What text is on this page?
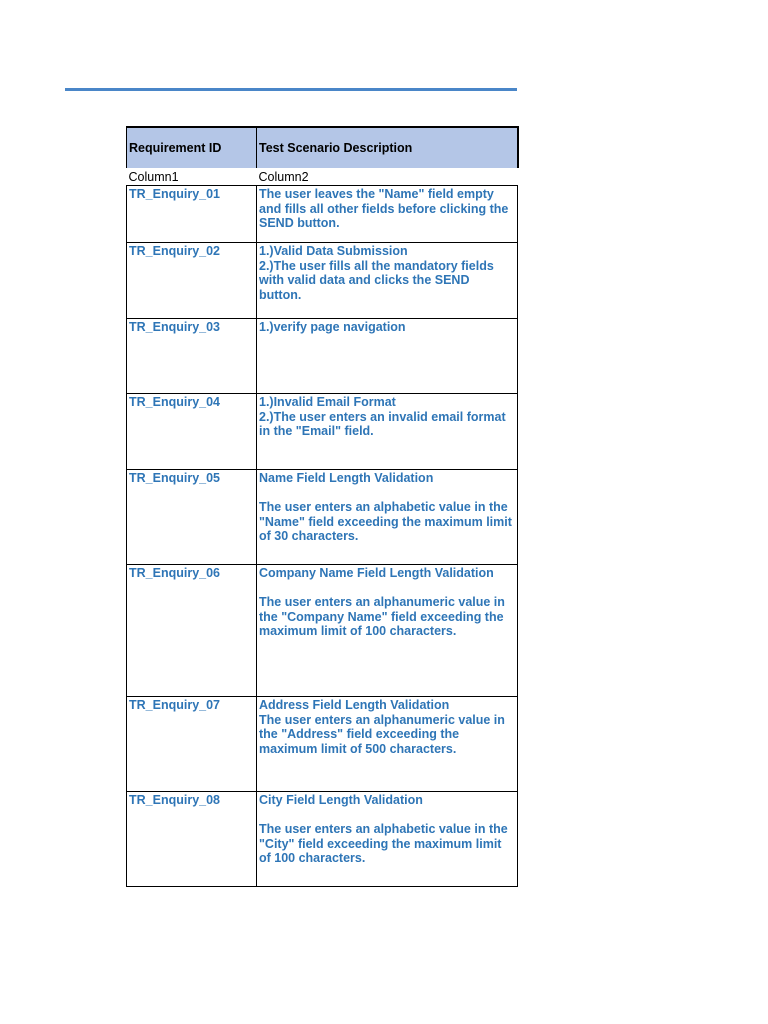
Requirement ID	Test Scenario Description
Column1	Column2
TR_Enquiry_01	The user leaves the "Name" field empty and fills all other fields before clicking the SEND button.

TR_Enquiry_02	1.)Valid Data Submission
2.)The user fills all the mandatory fields with valid data and clicks the SEND button.

TR_Enquiry_03	1.)verify page navigation

TR_Enquiry_04	1.)Invalid Email Format
2.)The user enters an invalid email format in the "Email" field.

TR_Enquiry_05	Name Field Length Validation
The user enters an alphabetic value in the "Name" field exceeding the maximum limit of 30 characters.

TR_Enquiry_06	Company Name Field Length Validation
The user enters an alphanumeric value in the "Company Name" field exceeding the maximum limit of 100 characters.

TR_Enquiry_07	Address Field Length Validation
The user enters an alphanumeric value in the "Address" field exceeding the maximum limit of 500 characters.

TR_Enquiry_08	City Field Length Validation
The user enters an alphabetic value in the "City" field exceeding the maximum limit of 100 characters.
